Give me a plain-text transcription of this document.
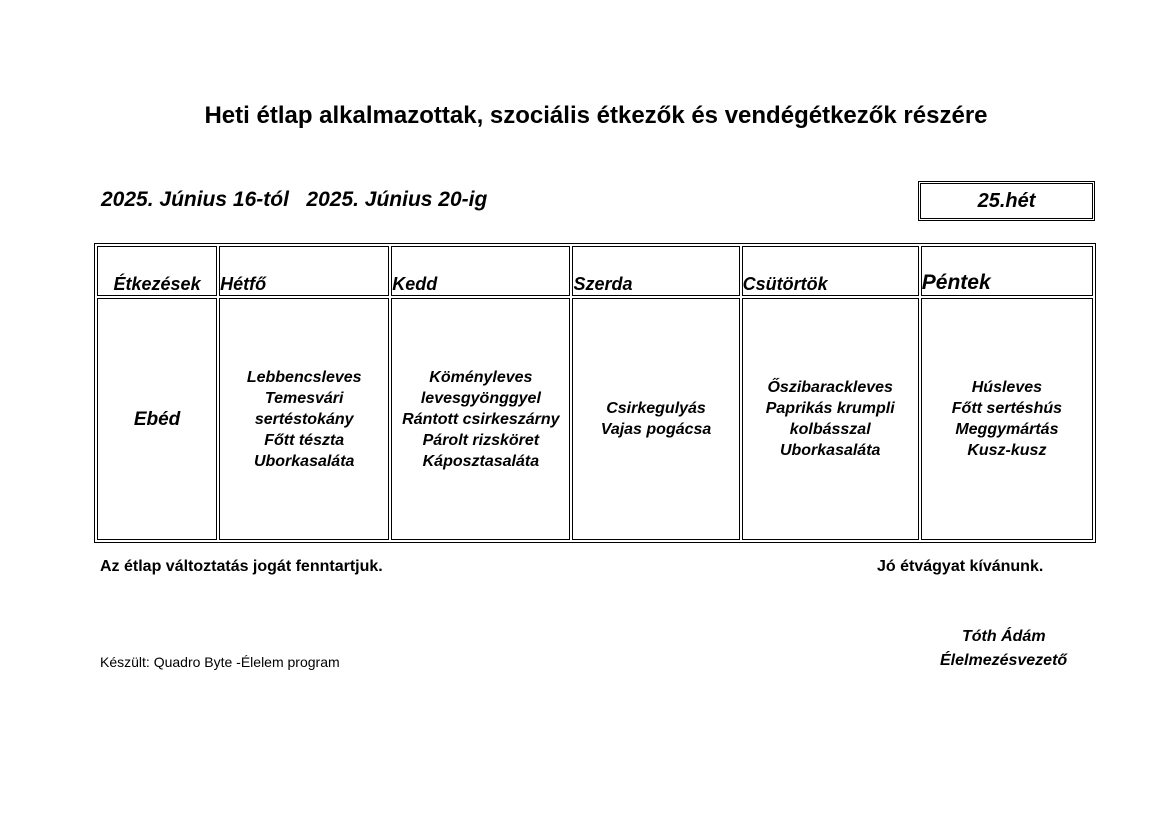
Heti étlap alkalmazottak, szociális étkezők és vendégétkezők részére
2025. Június 16-tól   2025. Június 20-ig	25.hét
Étkezések	Hétfő	Kedd	Szerda	Csütörtök	Péntek
Ebéd	Lebbencsleves
Temesvári
sertéstokány
Főtt tészta
Uborkasaláta	Köményleves
levesgyönggyel
Rántott csirkeszárny
Párolt rizsköret
Káposztasaláta	Csirkegulyás
Vajas pogácsa	Őszibarackleves
Paprikás krumpli
kolbásszal
Uborkasaláta	Húsleves
Főtt sertéshús
Meggymártás
Kusz-kusz
Az étlap változtatás jogát fenntartjuk.	Jó étvágyat kívánunk.
Tóth Ádám
Élelmezésvezető
Készült: Quadro Byte -Élelem program
